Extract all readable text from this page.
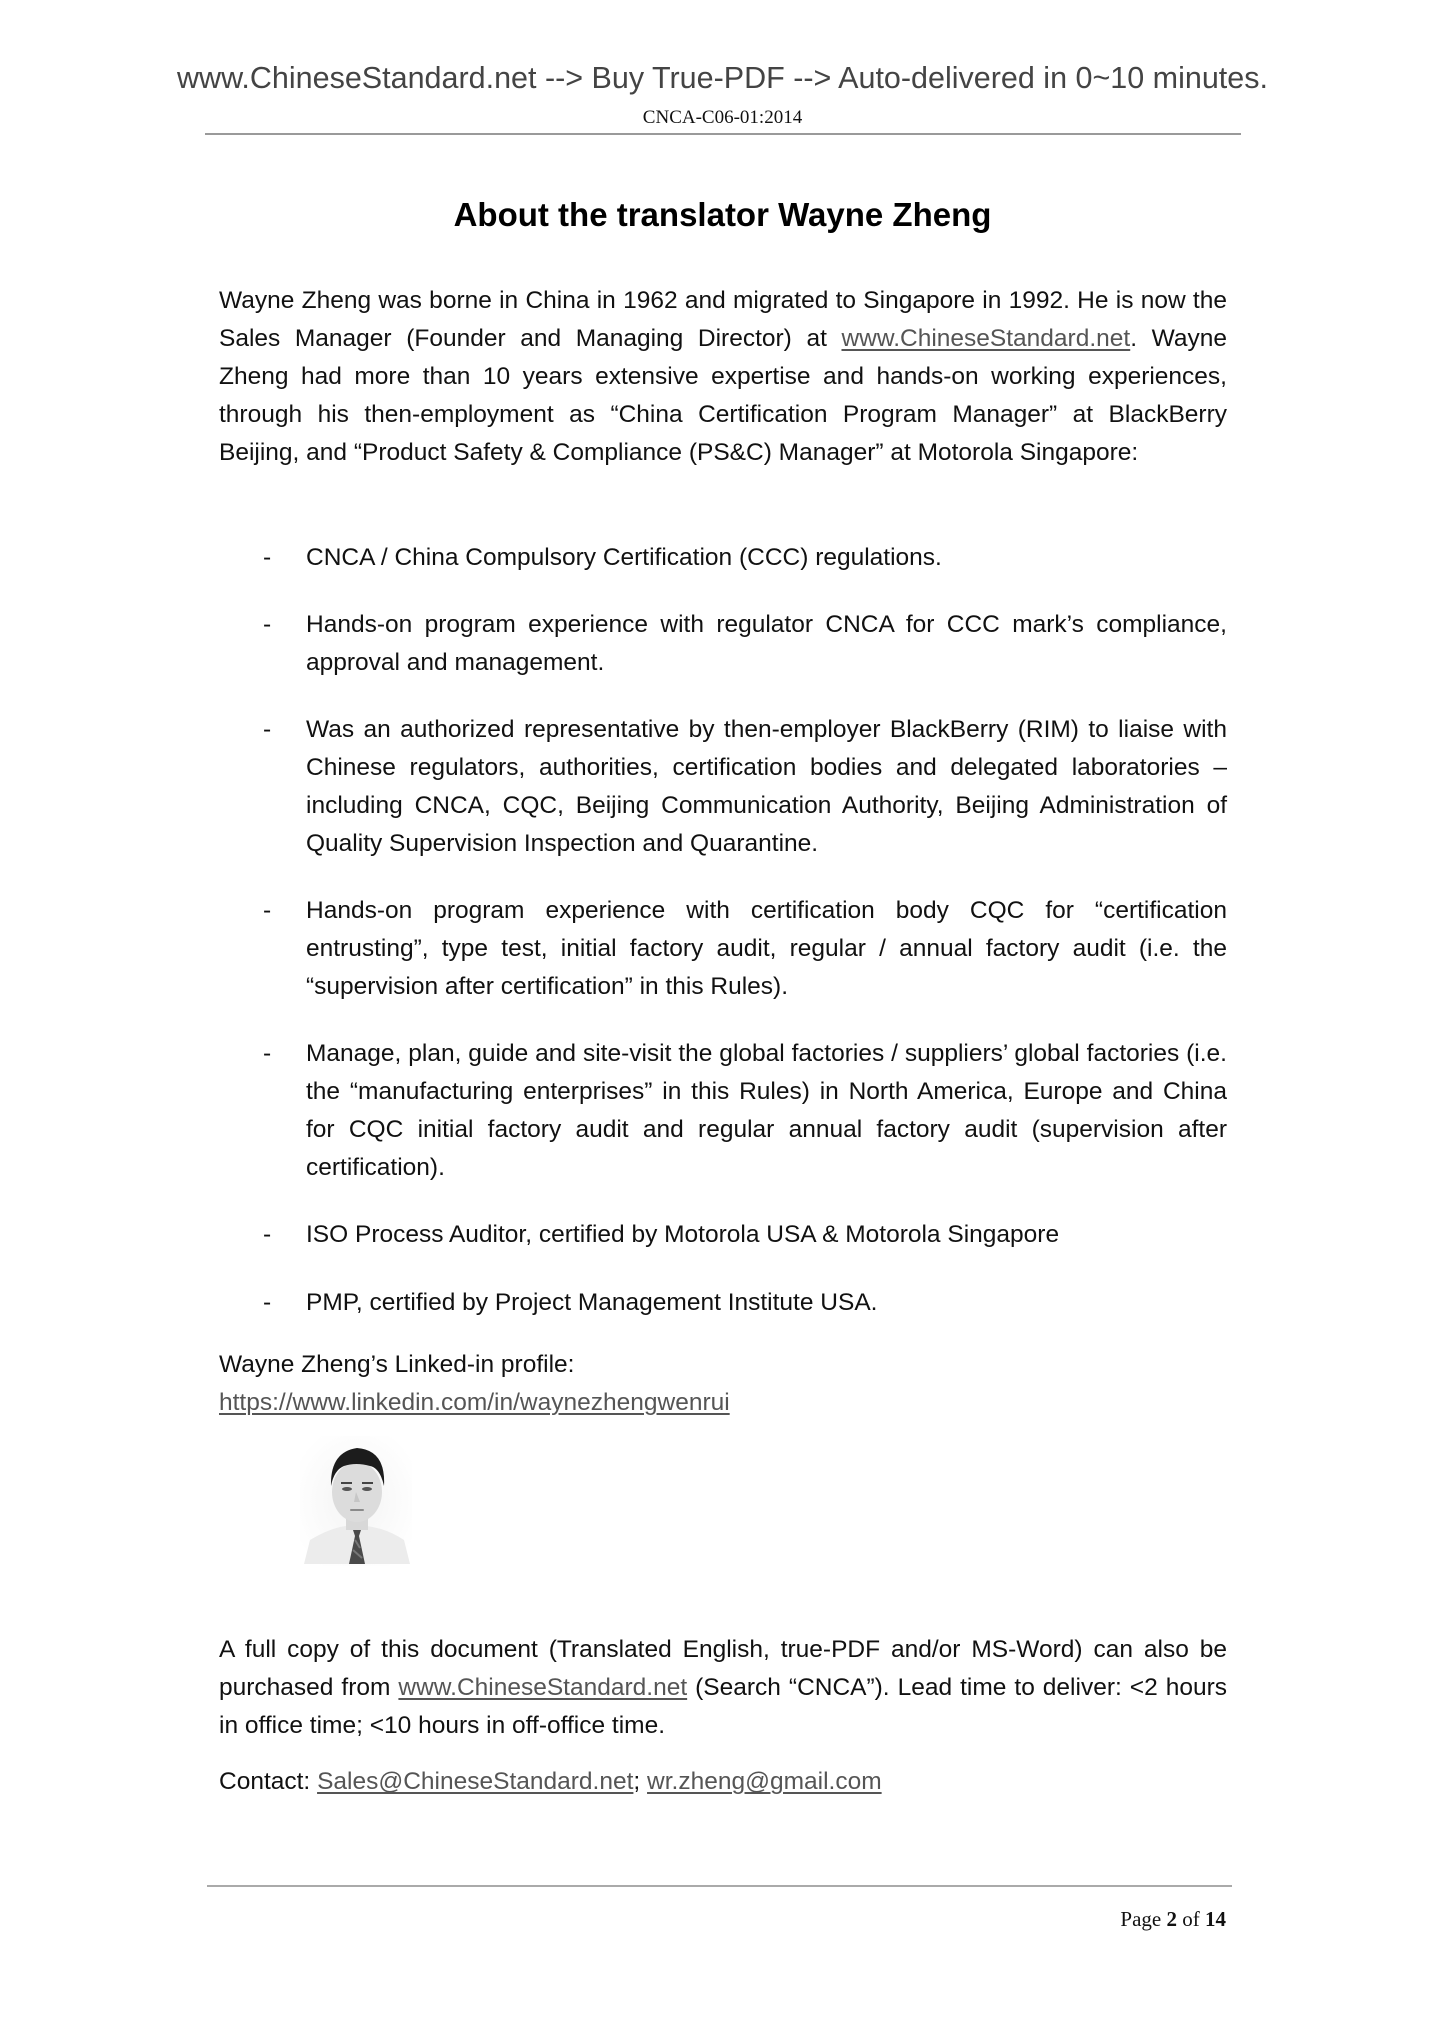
www.ChineseStandard.net --> Buy True-PDF --> Auto-delivered in 0~10 minutes.
CNCA-C06-01:2014
About the translator Wayne Zheng
Wayne Zheng was borne in China in 1962 and migrated to Singapore in 1992. He is now the Sales Manager (Founder and Managing Director) at www.ChineseStandard.net. Wayne Zheng had more than 10 years extensive expertise and hands-on working experiences, through his then-employment as “China Certification Program Manager” at BlackBerry Beijing, and “Product Safety & Compliance (PS&C) Manager” at Motorola Singapore:
- CNCA / China Compulsory Certification (CCC) regulations.
- Hands-on program experience with regulator CNCA for CCC mark’s compliance, approval and management.
- Was an authorized representative by then-employer BlackBerry (RIM) to liaise with Chinese regulators, authorities, certification bodies and delegated laboratories – including CNCA, CQC, Beijing Communication Authority, Beijing Administration of Quality Supervision Inspection and Quarantine.
- Hands-on program experience with certification body CQC for “certification entrusting”, type test, initial factory audit, regular / annual factory audit (i.e. the “supervision after certification” in this Rules).
- Manage, plan, guide and site-visit the global factories / suppliers’ global factories (i.e. the “manufacturing enterprises” in this Rules) in North America, Europe and China for CQC initial factory audit and regular annual factory audit (supervision after certification).
- ISO Process Auditor, certified by Motorola USA & Motorola Singapore
- PMP, certified by Project Management Institute USA.
Wayne Zheng’s Linked-in profile:
https://www.linkedin.com/in/waynezhengwenrui
A full copy of this document (Translated English, true-PDF and/or MS-Word) can also be purchased from www.ChineseStandard.net (Search “CNCA”). Lead time to deliver: <2 hours in office time; <10 hours in off-office time.
Contact: Sales@ChineseStandard.net; wr.zheng@gmail.com
Page 2 of 14
